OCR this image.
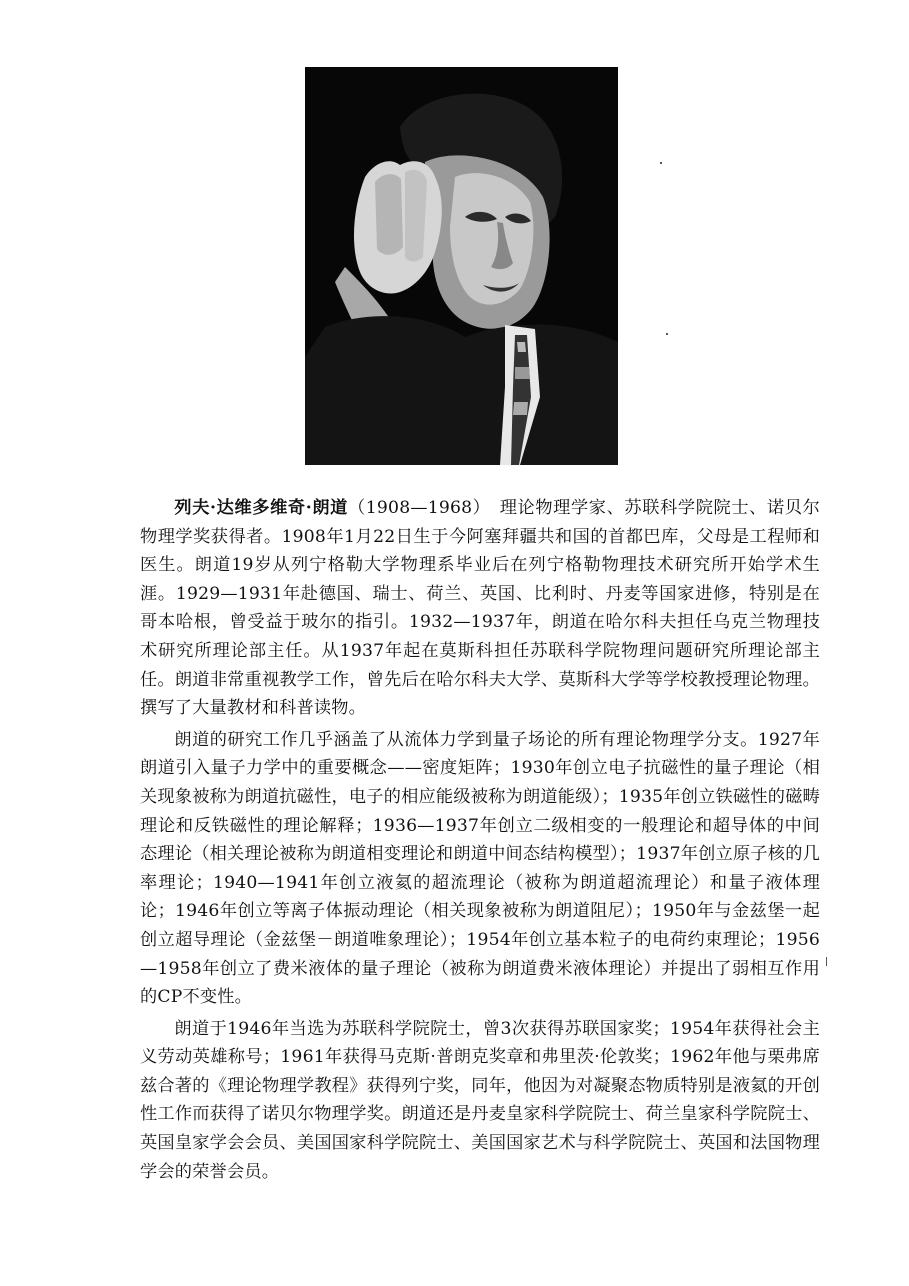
列夫·达维多维奇·朗道（1908—1968）　理论物理学家、苏联科学院院士、诺贝尔物理学奖获得者。1908年1月22日生于今阿塞拜疆共和国的首都巴库，父母是工程师和医生。朗道19岁从列宁格勒大学物理系毕业后在列宁格勒物理技术研究所开始学术生涯。1929—1931年赴德国、瑞士、荷兰、英国、比利时、丹麦等国家进修，特别是在哥本哈根，曾受益于玻尔的指引。1932—1937年，朗道在哈尔科夫担任乌克兰物理技术研究所理论部主任。从1937年起在莫斯科担任苏联科学院物理问题研究所理论部主任。朗道非常重视教学工作，曾先后在哈尔科夫大学、莫斯科大学等学校教授理论物理。撰写了大量教材和科普读物。

朗道的研究工作几乎涵盖了从流体力学到量子场论的所有理论物理学分支。1927年朗道引入量子力学中的重要概念——密度矩阵；1930年创立电子抗磁性的量子理论（相关现象被称为朗道抗磁性，电子的相应能级被称为朗道能级）；1935年创立铁磁性的磁畴理论和反铁磁性的理论解释；1936—1937年创立二级相变的一般理论和超导体的中间态理论（相关理论被称为朗道相变理论和朗道中间态结构模型）；1937年创立原子核的几率理论；1940—1941年创立液氦的超流理论（被称为朗道超流理论）和量子液体理论；1946年创立等离子体振动理论（相关现象被称为朗道阻尼）；1950年与金兹堡一起创立超导理论（金兹堡－朗道唯象理论）；1954年创立基本粒子的电荷约束理论；1956—1958年创立了费米液体的量子理论（被称为朗道费米液体理论）并提出了弱相互作用的CP不变性。

朗道于1946年当选为苏联科学院院士，曾3次获得苏联国家奖；1954年获得社会主义劳动英雄称号；1961年获得马克斯·普朗克奖章和弗里茨·伦敦奖；1962年他与栗弗席兹合著的《理论物理学教程》获得列宁奖，同年，他因为对凝聚态物质特别是液氦的开创性工作而获得了诺贝尔物理学奖。朗道还是丹麦皇家科学院院士、荷兰皇家科学院院士、英国皇家学会会员、美国国家科学院院士、美国国家艺术与科学院院士、英国和法国物理学会的荣誉会员。
